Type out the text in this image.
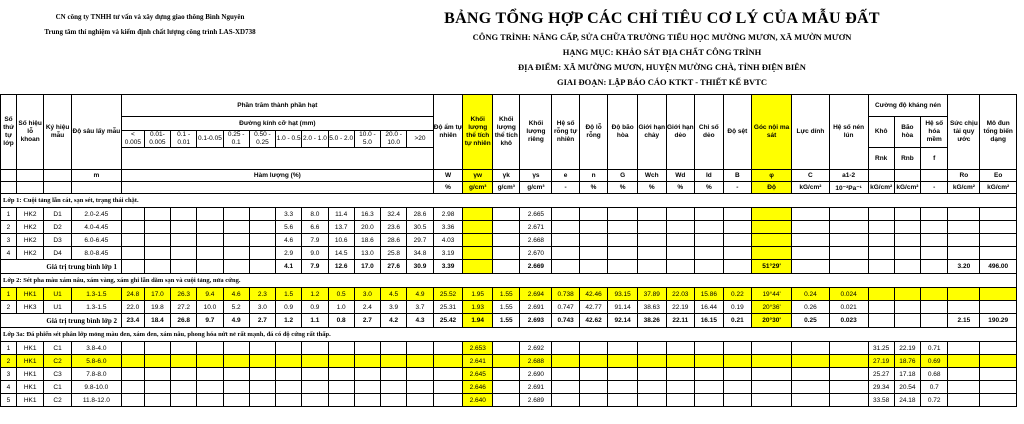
CN công ty TNHH tư vấn và xây dựng giao thông Bình Nguyên
Trung tâm thí nghiệm và kiểm định chất lượng công trình LAS-XD738
BẢNG TỔNG HỢP CÁC CHỈ TIÊU CƠ LÝ CỦA MẪU ĐẤT
CÔNG TRÌNH: NÂNG CẤP, SỬA CHỮA TRƯỜNG TIỂU HỌC MƯỜNG MƯƠN, XÃ MƯỜN MƯƠN
HẠNG MỤC: KHẢO SÁT ĐỊA CHẤT CÔNG TRÌNH
ĐỊA ĐIỂM: XÃ MƯỜNG MƯƠN, HUYỆN MƯỜNG CHÀ, TỈNH ĐIỆN BIÊN
GIAI ĐOẠN: LẬP BÁO CÁO KTKT - THIẾT KẾ BVTC
Số thứ tự lớp	Số hiệu lỗ khoan	Ký hiệu mẫu	Độ sâu lấy mẫu	Phần trăm thành phần hạt												Độ ẩm tự nhiên	Khối lượng thể tích tự nhiên	Khối lượng thể tích khô	Khối lượng riêng	Hệ số rỗng tự nhiên	Độ lỗ rỗng	Độ bão hòa	Giới hạn chảy	Giới hạn dẻo	Chỉ số dẻo	Độ sệt	Góc nội ma sát	Lực dính	Hệ số nén lún	Cường độ kháng nén			Sức chịu tải quy ước	Mô đun tổng biến dạng
				Đường kính cỡ hạt (mm)																										Khô	Bão hòa	Hệ số hóa mềm		
				< 0.005	0.01-0.005	0.1 - 0.01	0.1-0.05	0.25 - 0.1	0.50 - 0.25	1.0 - 0.5	2.0 - 1.0	5.0 - 2.0	10.0 - 5.0	20.0 - 10.0	>20																			
																														Rnk	Rnb	f		
			m	Hàm lượng (%)												W	γw	γk	γs	e	n	G	Wch	Wd	Id	B	φ	C	a1-2				Ro	Eo
																%	g/cm³	g/cm³	g/cm³	-	%	%	%	%	%	-	Độ	kG/cm²	10⁻²Pa⁻¹	kG/cm²	kG/cm²	-	kG/cm²	kG/cm²
Lớp 1: Cuội tảng lẫn cát, sạn sét, trạng thái chặt.																																		
1	HK2	D1	2.0-2.45							3.3	8.0	11.4	16.3	32.4	28.6	2.98			2.665															
2	HK2	D2	4.0-4.45							5.6	6.6	13.7	20.0	23.6	30.5	3.36			2.671															
3	HK2	D3	6.0-6.45							4.6	7.9	10.6	18.6	28.6	29.7	4.03			2.668															
4	HK2	D4	8.0-8.45							2.9	9.0	14.5	13.0	25.8	34.8	3.19			2.670															
Giá trị trung bình lớp 1										4.1	7.9	12.6	17.0	27.6	30.9	3.39			2.669								51°29'						3.20	496.00
Lớp 2: Sét pha màu xám nâu, xám vàng, xám ghi lẫn dăm sạn và cuội tảng, nửa cứng.																																		
1	HK1	U1	1.3-1.5	24.8	17.0	26.3	9.4	4.6	2.3	1.5	1.2	0.5	3.0	4.5	4.9	25.52	1.95	1.55	2.694	0.738	42.46	93.15	37.89	22.03	15.86	0.22	19°44'	0.24	0.024					
2	HK3	U1	1.3-1.5	22.0	19.8	27.2	10.0	5.2	3.0	0.9	0.9	1.0	2.4	3.9	3.7	25.31	1.93	1.55	2.691	0.747	42.77	91.14	38.63	22.19	16.44	0.19	20°36'	0.26	0.021					
Giá trị trung bình lớp 2				23.4	18.4	26.8	9.7	4.9	2.7	1.2	1.1	0.8	2.7	4.2	4.3	25.42	1.94	1.55	2.693	0.743	42.62	92.14	38.26	22.11	16.15	0.21	20°30'	0.25	0.023				2.15	190.29
Lớp 3a: Đá phiến sét phân lớp mỏng màu đen, xám đen, xám nâu, phong hóa nứt nẻ rất mạnh, đá có độ cứng rất thấp.																																		
1	HK1	C1	3.8-4.0														2.653		2.692											31.25	22.19	0.71		
2	HK1	C2	5.8-6.0														2.641		2.688											27.19	18.76	0.69		
3	HK1	C3	7.8-8.0														2.645		2.690											25.27	17.18	0.68		
4	HK1	C1	9.8-10.0														2.646		2.691											29.34	20.54	0.7		
5	HK1	C2	11.8-12.0														2.640		2.689											33.58	24.18	0.72		
